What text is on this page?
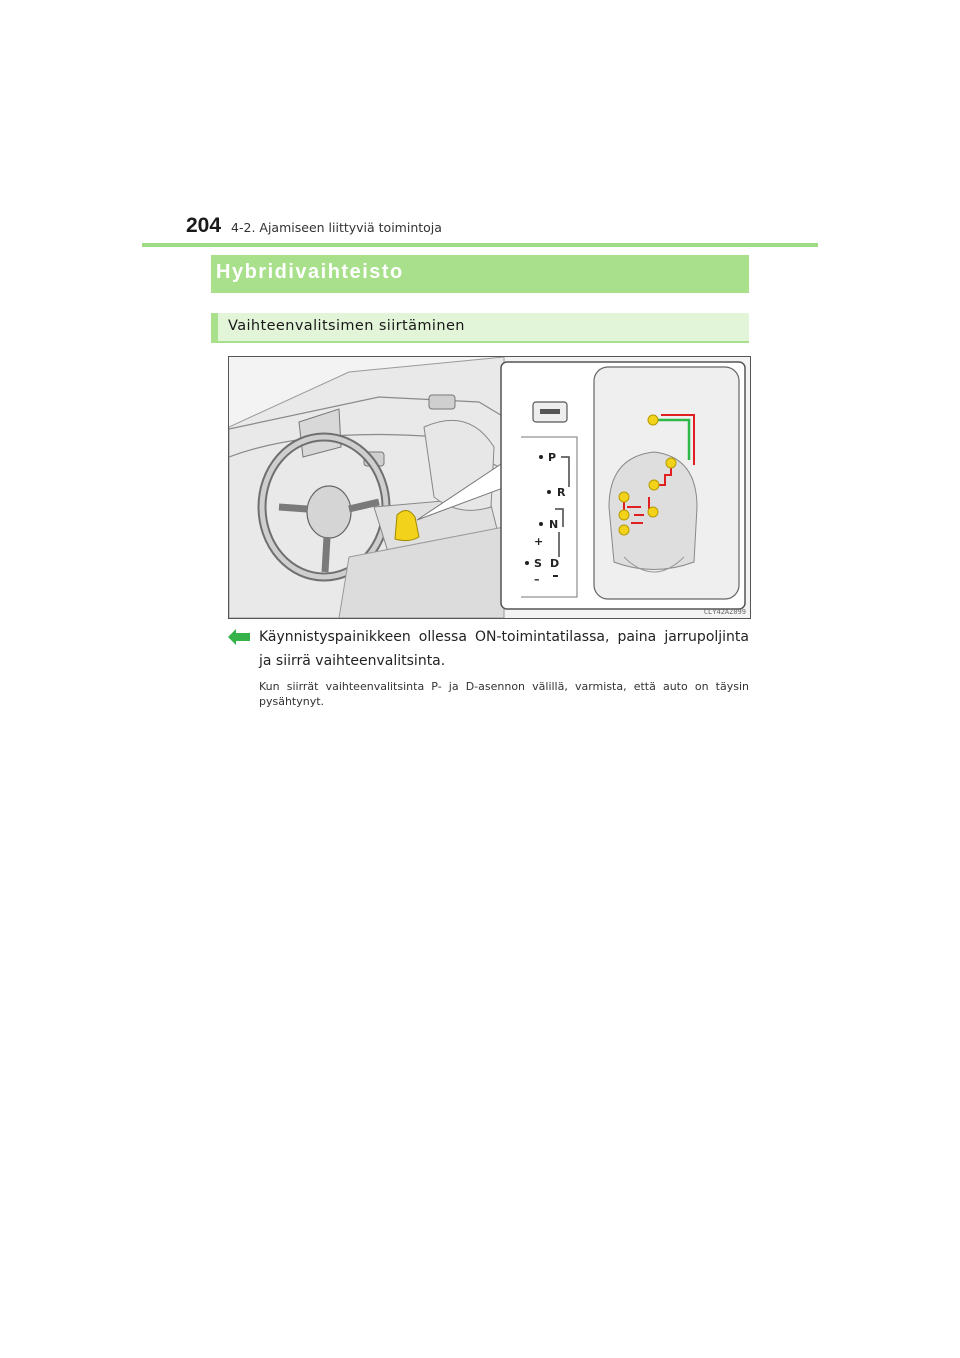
204 4-2. Ajamiseen liittyviä toimintoja
Hybridivaihteisto
Vaihteenvalitsimen siirtäminen
P
R
N
+
S D
–
CLY42AZ099
Käynnistyspainikkeen ollessa ON-toimintatilassa, paina jarrupoljinta ja siirrä vaihteenvalitsinta.
Kun siirrät vaihteenvalitsinta P- ja D-asennon välillä, varmista, että auto on täysin pysähtynyt.
